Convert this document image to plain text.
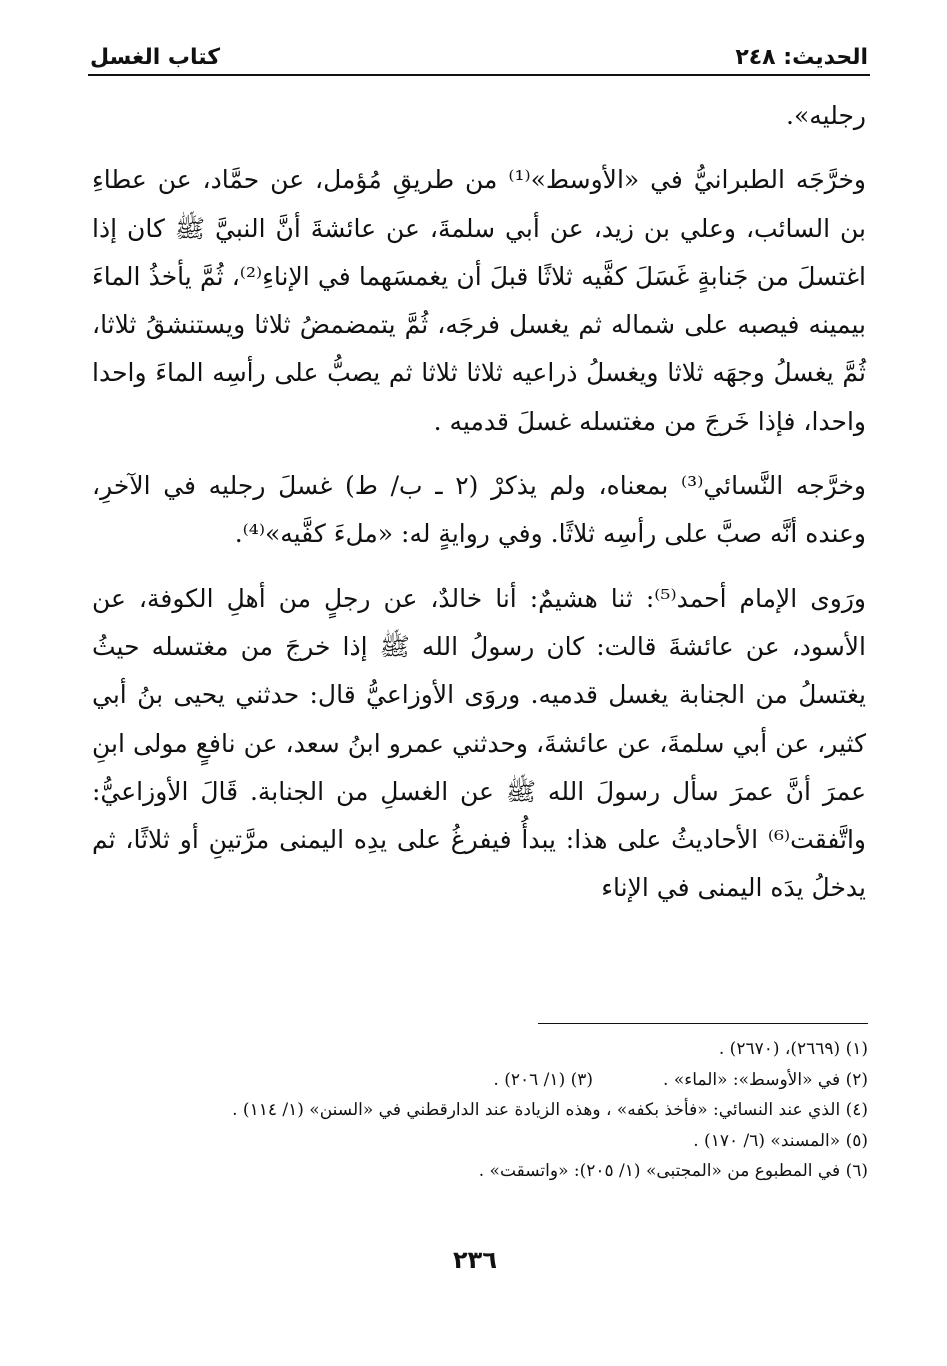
الحديث: ٢٤٨
كتاب الغسل

رجليه».

وخرَّجَه الطبرانيُّ في «الأوسط»⁽¹⁾ من طريقِ مُؤمل، عن حمَّاد، عن عطاءِ بن السائب، وعلي بن زيد، عن أبي سلمةَ، عن عائشةَ أنَّ النبيَّ ﷺ كان إذا اغتسلَ من جَنابةٍ غَسَلَ كفَّيه ثلاثًا قبلَ أن يغمسَهما في الإناءِ⁽²⁾، ثُمَّ يأخذُ الماءَ بيمينه فيصبه على شماله ثم يغسل فرجَه، ثُمَّ يتمضمضُ ثلاثا ويستنشقُ ثلاثا، ثُمَّ يغسلُ وجهَه ثلاثا ويغسلُ ذراعيه ثلاثا ثلاثا ثم يصبُّ على رأسِه الماءَ واحدا واحدا، فإذا خَرجَ من مغتسله غسلَ قدميه .

وخرَّجه النَّسائي⁽³⁾ بمعناه، ولم يذكرْ (٢ ـ ب/ ط) غسلَ رجليه في الآخرِ، وعنده أنَّه صبَّ على رأسِه ثلاثًا. وفي روايةٍ له: «ملءَ كفَّيه»⁽⁴⁾.

ورَوى الإمام أحمد⁽⁵⁾: ثنا هشيمٌ: أنا خالدٌ، عن رجلٍ من أهلِ الكوفة، عن الأسود، عن عائشةَ قالت: كان رسولُ الله ﷺ إذا خرجَ من مغتسله حيثُ يغتسلُ من الجنابة يغسل قدميه. وروَى الأوزاعيُّ قال: حدثني يحيى بنُ أبي كثير، عن أبي سلمةَ، عن عائشةَ، وحدثني عمرو ابنُ سعد، عن نافعٍ مولى ابنِ عمرَ أنَّ عمرَ سأل رسولَ الله ﷺ عن الغسلِ من الجنابة. قَالَ الأوزاعيُّ: واتَّفقت⁽⁶⁾ الأحاديثُ على هذا: يبدأُ فيفرغُ على يدِه اليمنى مرَّتينِ أو ثلاثًا، ثم يدخلُ يدَه اليمنى في الإناء

(١) (٢٦٦٩)، (٢٦٧٠) .
(٢) في «الأوسط»: «الماء» .
(٣) (١/ ٢٠٦) .
(٤) الذي عند النسائي: «فأخذ بكفه» ، وهذه الزيادة عند الدارقطني في «السنن» (١/ ١١٤) .
(٥) «المسند» (٦/ ١٧٠) .
(٦) في المطبوع من «المجتبى» (١/ ٢٠٥): «واتسقت» .
٢٣٦
